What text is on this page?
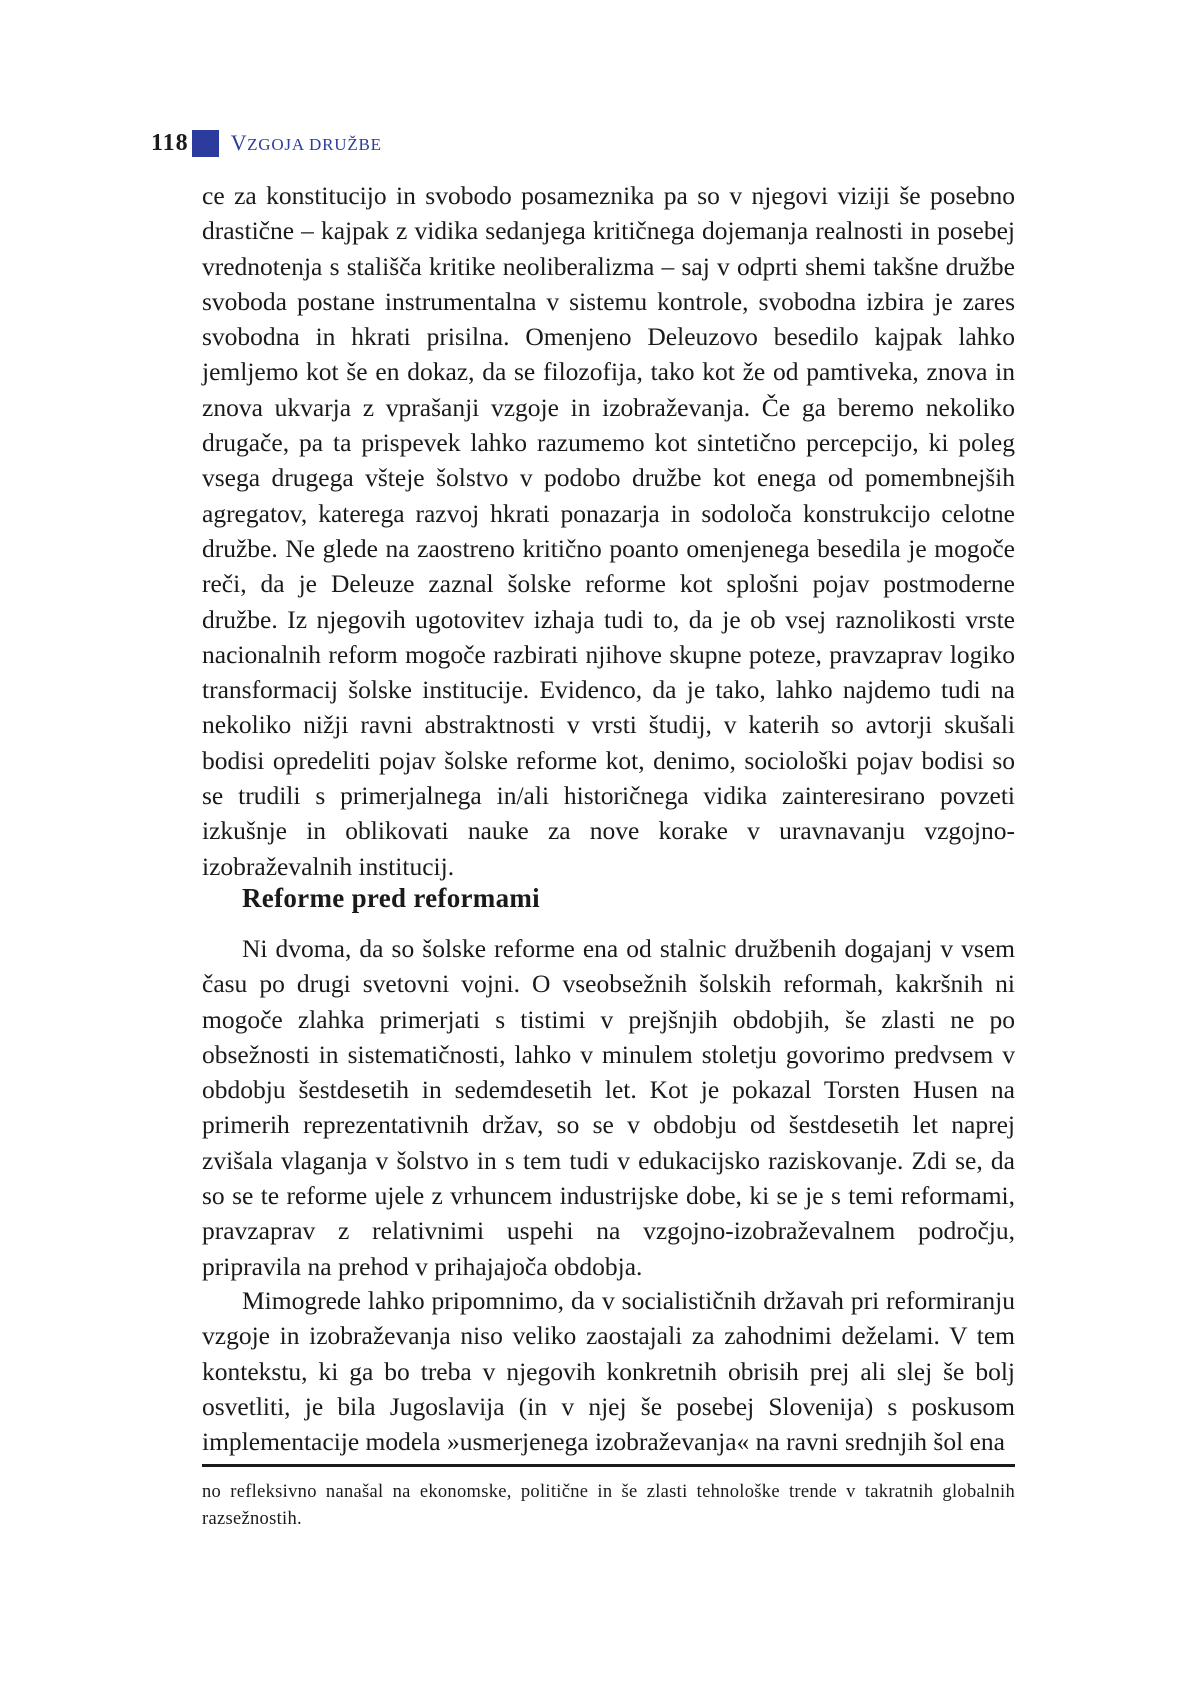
118 VZGOJA DRUŽBE

ce za konstitucijo in svobodo posameznika pa so v njegovi viziji še posebno drastične – kajpak z vidika sedanjega kritičnega dojemanja realnosti in posebej vrednotenja s stališča kritike neoliberalizma – saj v odprti shemi takšne družbe svoboda postane instrumentalna v sistemu kontrole, svobodna izbira je zares svobodna in hkrati prisilna. Omenjeno Deleuzovo besedilo kajpak lahko jemljemo kot še en dokaz, da se filozofija, tako kot že od pamtiveka, znova in znova ukvarja z vprašanji vzgoje in izobraževanja. Če ga beremo nekoliko drugače, pa ta prispevek lahko razumemo kot sintetično percepcijo, ki poleg vsega drugega všteje šolstvo v podobo družbe kot enega od pomembnejših agregatov, katerega razvoj hkrati ponazarja in sodoloča konstrukcijo celotne družbe. Ne glede na zaostreno kritično poanto omenjenega besedila je mogoče reči, da je Deleuze zaznal šolske reforme kot splošni pojav postmoderne družbe. Iz njegovih ugotovitev izhaja tudi to, da je ob vsej raznolikosti vrste nacionalnih reform mogoče razbirati njihove skupne poteze, pravzaprav logiko transformacij šolske institucije. Evidenco, da je tako, lahko najdemo tudi na nekoliko nižji ravni abstraktnosti v vrsti študij, v katerih so avtorji skušali bodisi opredeliti pojav šolske reforme kot, denimo, sociološki pojav bodisi so se trudili s primerjalnega in/ali historičnega vidika zainteresirano povzeti izkušnje in oblikovati nauke za nove korake v uravnavanju vzgojno-izobraževalnih institucij.

Reforme pred reformami

Ni dvoma, da so šolske reforme ena od stalnic družbenih dogajanj v vsem času po drugi svetovni vojni. O vseobsežnih šolskih reformah, kakršnih ni mogoče zlahka primerjati s tistimi v prejšnjih obdobjih, še zlasti ne po obsežnosti in sistematičnosti, lahko v minulem stoletju govorimo predvsem v obdobju šestdesetih in sedemdesetih let. Kot je pokazal Torsten Husen na primerih reprezentativnih držav, so se v obdobju od šestdesetih let naprej zvišala vlaganja v šolstvo in s tem tudi v edukacijsko raziskovanje. Zdi se, da so se te reforme ujele z vrhuncem industrijske dobe, ki se je s temi reformami, pravzaprav z relativnimi uspehi na vzgojno-izobraževalnem področju, pripravila na prehod v prihajajoča obdobja.

Mimogrede lahko pripomnimo, da v socialističnih državah pri reformiranju vzgoje in izobraževanja niso veliko zaostajali za zahodnimi deželami. V tem kontekstu, ki ga bo treba v njegovih konkretnih obrisih prej ali slej še bolj osvetliti, je bila Jugoslavija (in v njej še posebej Slovenija) s poskusom implementacije modela »usmerjenega izobraževanja« na ravni srednjih šol ena

no refleksivno nanašal na ekonomske, politične in še zlasti tehnološke trende v takratnih globalnih razsežnostih.
